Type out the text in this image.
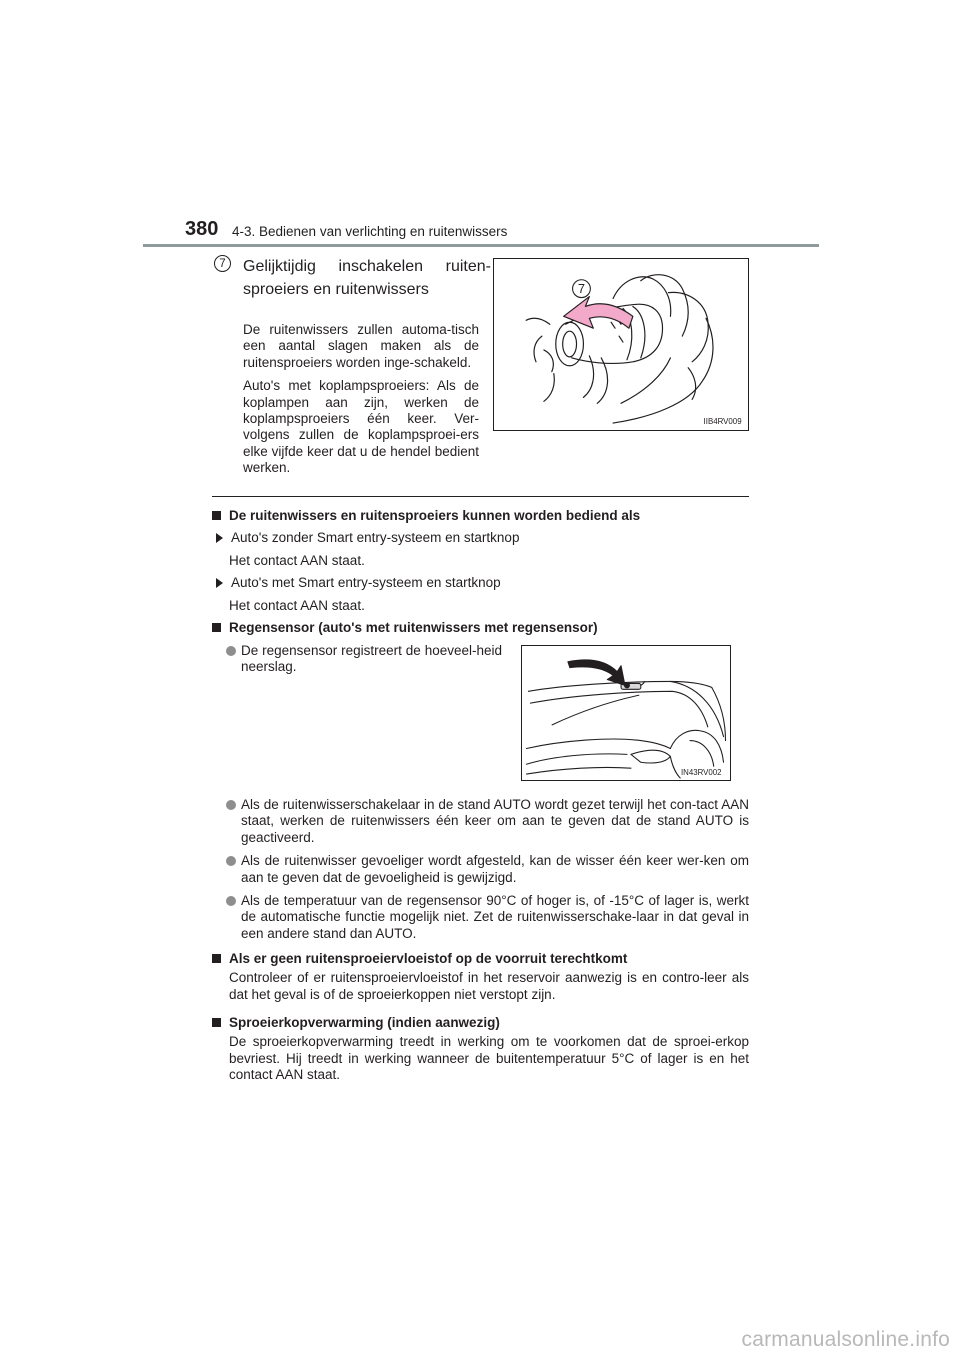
380 4-3. Bedienen van verlichting en ruitenwissers
7	Gelijktijdig inschakelen ruiten-sproeiers en ruitenwissers

De ruitenwissers zullen automa-tisch een aantal slagen maken als de ruitensproeiers worden inge-schakeld.

Auto's met koplampsproeiers: Als de koplampen aan zijn, werken de koplampsproeiers één keer. Ver-volgens zullen de koplampsproei-ers elke vijfde keer dat u de hendel bedient werken.

7
IIB4RV009
De ruitenwissers en ruitensproeiers kunnen worden bediend als
Auto's zonder Smart entry-systeem en startknop
Het contact AAN staat.
Auto's met Smart entry-systeem en startknop
Het contact AAN staat.
Regensensor (auto's met ruitenwissers met regensensor)
De regensensor registreert de hoeveel-heid neerslag.
IN43RV002
Als de ruitenwisserschakelaar in de stand AUTO wordt gezet terwijl het con-tact AAN staat, werken de ruitenwissers één keer om aan te geven dat de stand AUTO is geactiveerd.
Als de ruitenwisser gevoeliger wordt afgesteld, kan de wisser één keer wer-ken om aan te geven dat de gevoeligheid is gewijzigd.
Als de temperatuur van de regensensor 90°C of hoger is, of -15°C of lager is, werkt de automatische functie mogelijk niet. Zet de ruitenwisserschake-laar in dat geval in een andere stand dan AUTO.
Als er geen ruitensproeiervloeistof op de voorruit terechtkomt
Controleer of er ruitensproeiervloeistof in het reservoir aanwezig is en contro-leer als dat het geval is of de sproeierkoppen niet verstopt zijn.
Sproeierkopverwarming (indien aanwezig)
De sproeierkopverwarming treedt in werking om te voorkomen dat de sproei-erkop bevriest. Hij treedt in werking wanneer de buitentemperatuur 5°C of lager is en het contact AAN staat.
carmanualsonline.info
